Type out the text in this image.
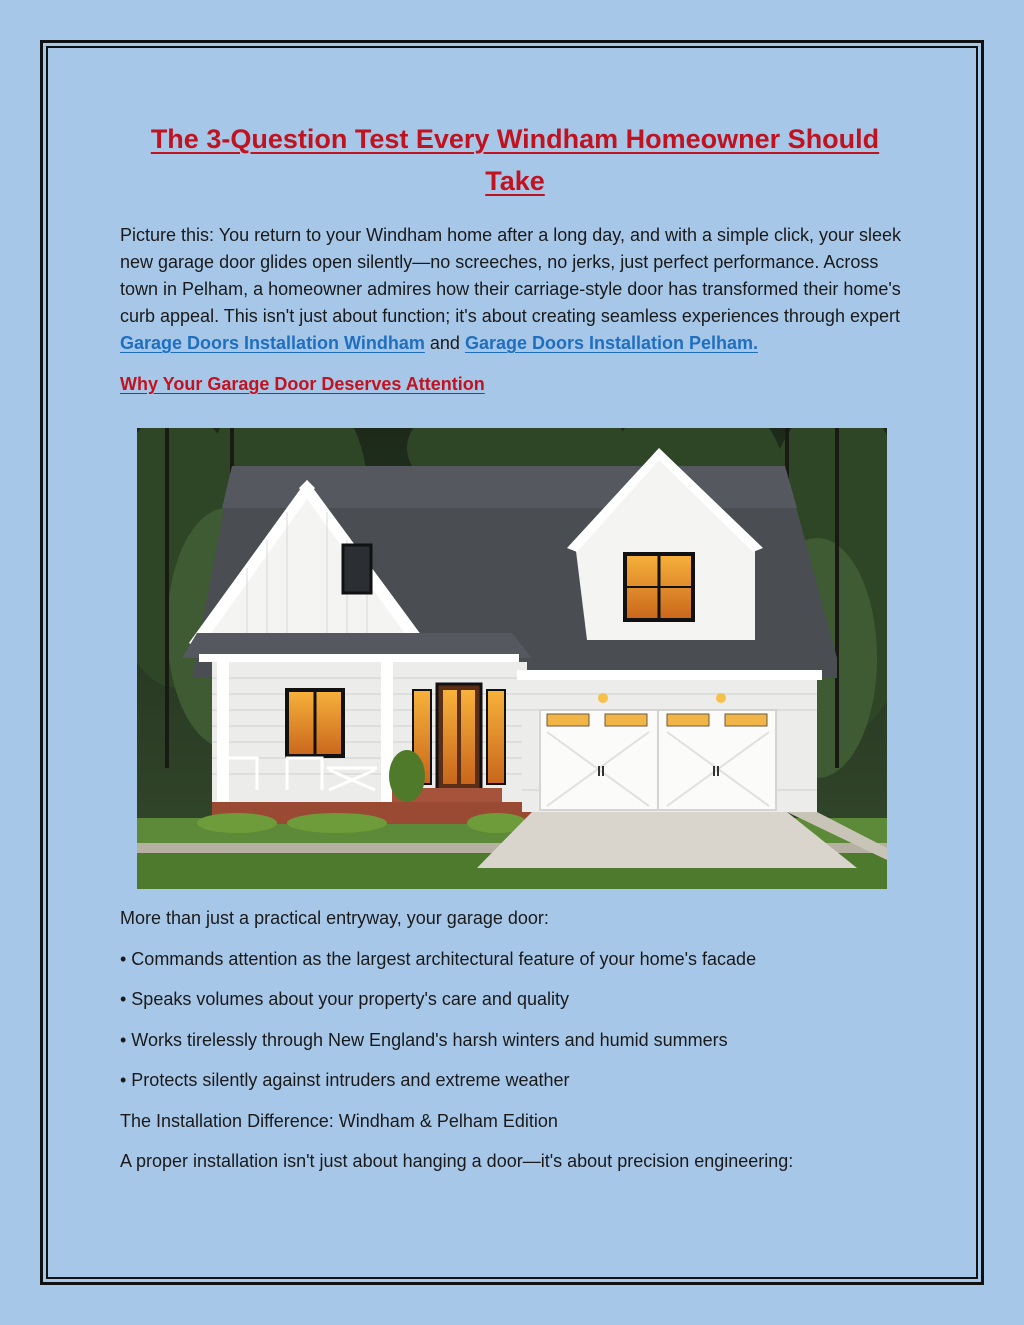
The 3-Question Test Every Windham Homeowner Should Take

Picture this: You return to your Windham home after a long day, and with a simple click, your sleek new garage door glides open silently—no screeches, no jerks, just perfect performance. Across town in Pelham, a homeowner admires how their carriage-style door has transformed their home's curb appeal. This isn't just about function; it's about creating seamless experiences through expert Garage Doors Installation Windham and Garage Doors Installation Pelham.

Why Your Garage Door Deserves Attention

More than just a practical entryway, your garage door:

• Commands attention as the largest architectural feature of your home's facade

• Speaks volumes about your property's care and quality

• Works tirelessly through New England's harsh winters and humid summers

• Protects silently against intruders and extreme weather

The Installation Difference: Windham & Pelham Edition

A proper installation isn't just about hanging a door—it's about precision engineering:
